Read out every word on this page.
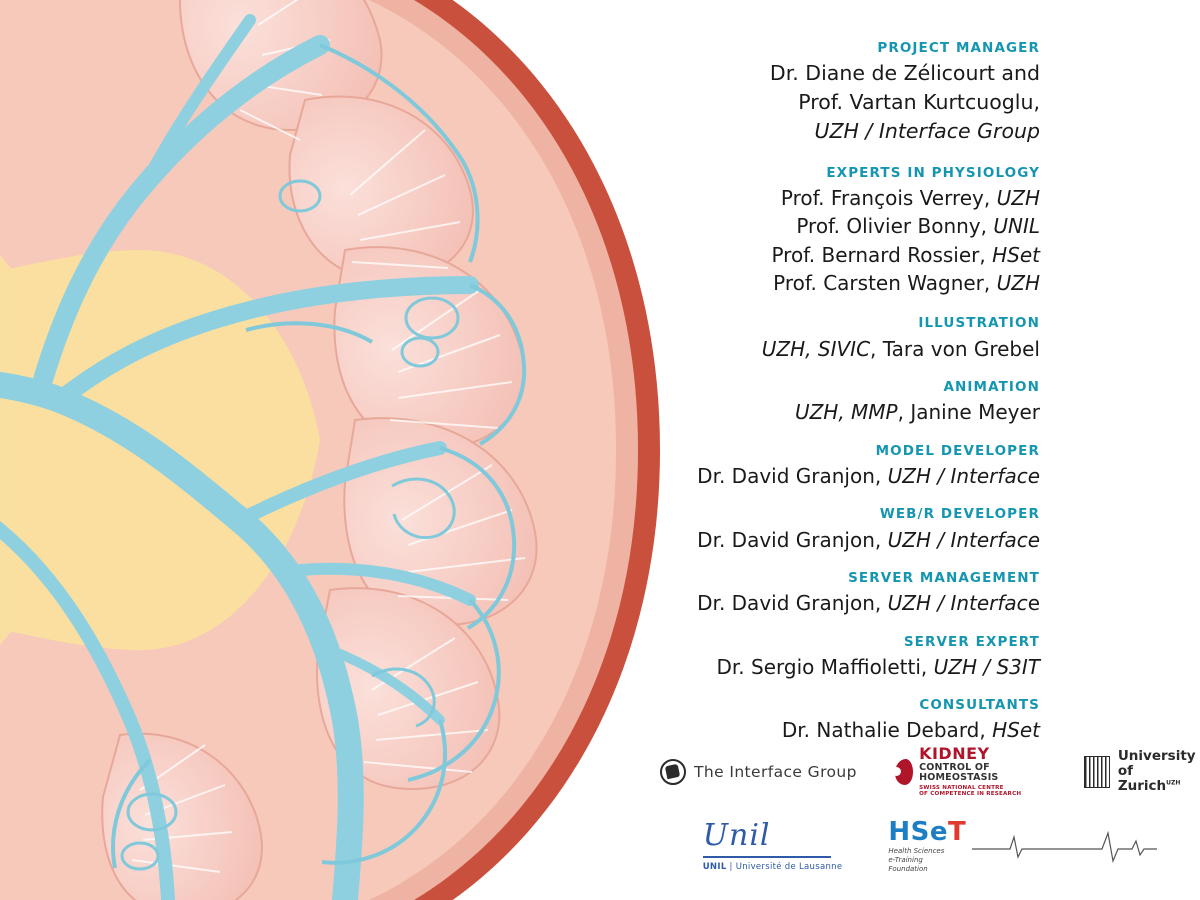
PROJECT MANAGER
Dr. Diane de Zélicourt and
Prof. Vartan Kurtcuoglu,
UZH / Interface Group
EXPERTS IN PHYSIOLOGY
Prof. François Verrey, UZH
Prof. Olivier Bonny, UNIL
Prof. Bernard Rossier, HSet
Prof. Carsten Wagner, UZH
ILLUSTRATION
UZH, SIVIC, Tara von Grebel
ANIMATION
UZH, MMP, Janine Meyer
MODEL DEVELOPER
Dr. David Granjon, UZH / Interface
WEB/R DEVELOPER
Dr. David Granjon, UZH / Interface
SERVER MANAGEMENT
Dr. David Granjon, UZH / Interface
SERVER EXPERT
Dr. Sergio Maffioletti, UZH / S3IT
CONSULTANTS
Dr. Nathalie Debard, HSet
The Interface Group
KIDNEY
CONTROL OF HOMEOSTASIS
SWISS NATIONAL CENTRE
OF COMPETENCE IN RESEARCH
University of
Zurich$^{UZH}$
Unil
UNIL | Université de Lausanne
HSeT
Health Sciences
e-Training
Foundation
